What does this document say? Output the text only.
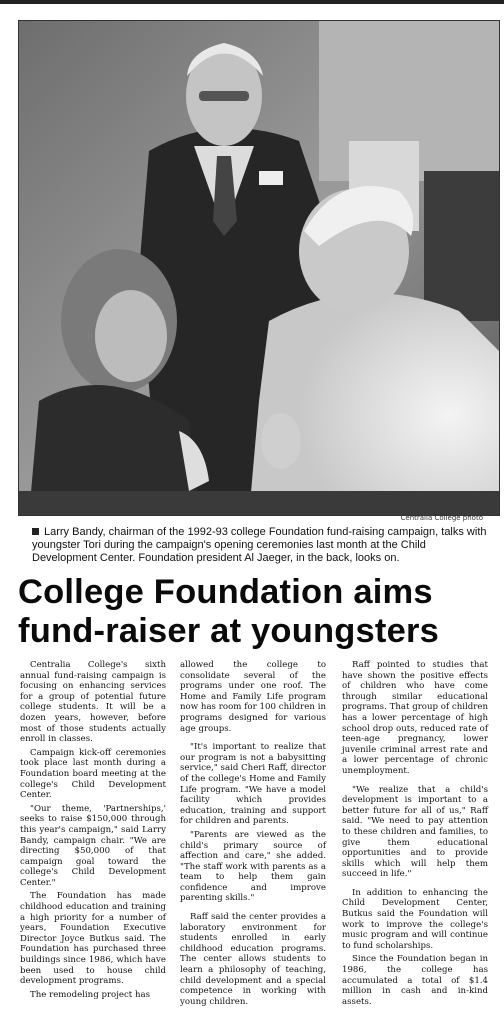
Centralia College photo
Larry Bandy, chairman of the 1992-93 college Foundation fund-raising campaign, talks with youngster Tori during the campaign's opening ceremonies last month at the Child Development Center. Foundation president Al Jaeger, in the back, looks on.
College Foundation aims
fund-raiser at youngsters

Centralia College's sixth annual fund-raising campaign is focusing on enhancing services for a group of potential future college students. It will be a dozen years, however, before most of those students actually enroll in classes.

Campaign kick-off ceremonies took place last month during a Foundation board meeting at the college's Child Development Center.

"Our theme, 'Partnerships,' seeks to raise $150,000 through this year's campaign," said Larry Bandy, campaign chair. "We are directing $50,000 of that campaign goal toward the college's Child Development Center."

The Foundation has made childhood education and training a high priority for a number of years, Foundation Executive Director Joyce Butkus said. The Foundation has purchased three buildings since 1986, which have been used to house child development programs.

The remodeling project has

allowed the college to consolidate several of the programs under one roof. The Home and Family Life program now has room for 100 children in programs designed for various age groups.

"It's important to realize that our program is not a babysitting service," said Cheri Raff, director of the college's Home and Family Life program. "We have a model facility which provides education, training and support for children and parents.

"Parents are viewed as the child's primary source of affection and care," she added. "The staff work with parents as a team to help them gain confidence and improve parenting skills."

Raff said the center provides a laboratory environment for students enrolled in early childhood education programs. The center allows students to learn a philosophy of teaching, child development and a special competence in working with young children.

Raff pointed to studies that have shown the positive effects of children who have come through similar educational programs. That group of children has a lower percentage of high school drop outs, reduced rate of teen-age pregnancy, lower juvenile criminal arrest rate and a lower percentage of chronic unemployment.

"We realize that a child's development is important to a better future for all of us," Raff said. "We need to pay attention to these children and families, to give them educational opportunities and to provide skills which will help them succeed in life."

In addition to enhancing the Child Development Center, Butkus said the Foundation will work to improve the college's music program and will continue to fund scholarships.

Since the Foundation began in 1986, the college has accumulated a total of $1.4 million in cash and in-kind assets.
